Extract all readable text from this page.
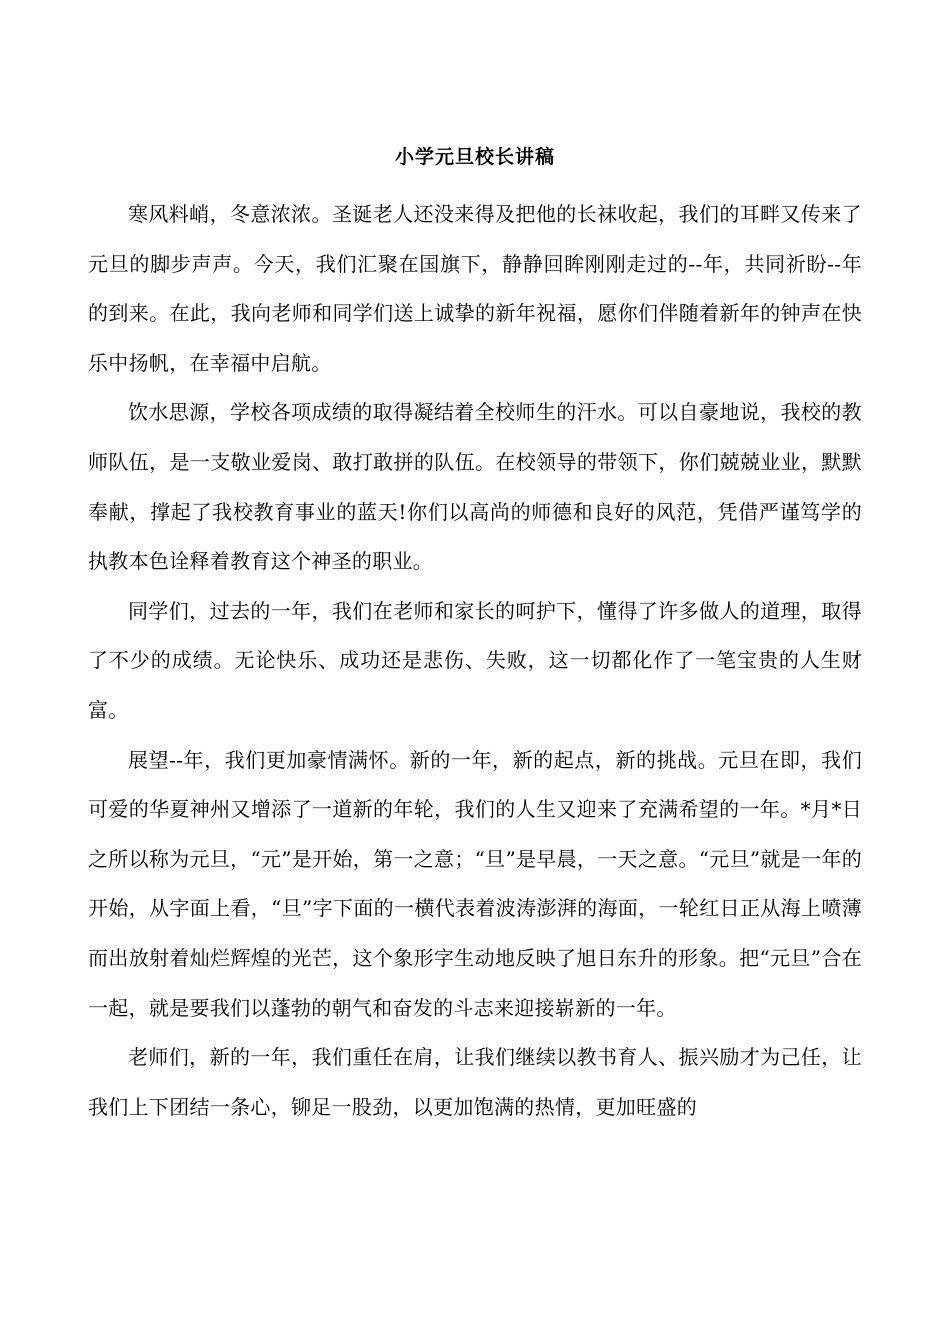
小学元旦校长讲稿

寒风料峭，冬意浓浓。圣诞老人还没来得及把他的长袜收起，我们的耳畔又传来了元旦的脚步声声。今天，我们汇聚在国旗下，静静回眸刚刚走过的--年，共同祈盼--年的到来。在此，我向老师和同学们送上诚挚的新年祝福，愿你们伴随着新年的钟声在快乐中扬帆，在幸福中启航。

饮水思源，学校各项成绩的取得凝结着全校师生的汗水。可以自豪地说，我校的教师队伍，是一支敬业爱岗、敢打敢拼的队伍。在校领导的带领下，你们兢兢业业，默默奉献，撑起了我校教育事业的蓝天!你们以高尚的师德和良好的风范，凭借严谨笃学的执教本色诠释着教育这个神圣的职业。

同学们，过去的一年，我们在老师和家长的呵护下，懂得了许多做人的道理，取得了不少的成绩。无论快乐、成功还是悲伤、失败，这一切都化作了一笔宝贵的人生财富。

展望--年，我们更加豪情满怀。新的一年，新的起点，新的挑战。元旦在即，我们可爱的华夏神州又增添了一道新的年轮，我们的人生又迎来了充满希望的一年。*月*日之所以称为元旦，“元”是开始，第一之意；“旦”是早晨，一天之意。“元旦”就是一年的开始，从字面上看，“旦”字下面的一横代表着波涛澎湃的海面，一轮红日正从海上喷薄而出放射着灿烂辉煌的光芒，这个象形字生动地反映了旭日东升的形象。把“元旦”合在一起，就是要我们以蓬勃的朝气和奋发的斗志来迎接崭新的一年。

老师们，新的一年，我们重任在肩，让我们继续以教书育人、振兴励才为己任，让我们上下团结一条心，铆足一股劲，以更加饱满的热情，更加旺盛的
